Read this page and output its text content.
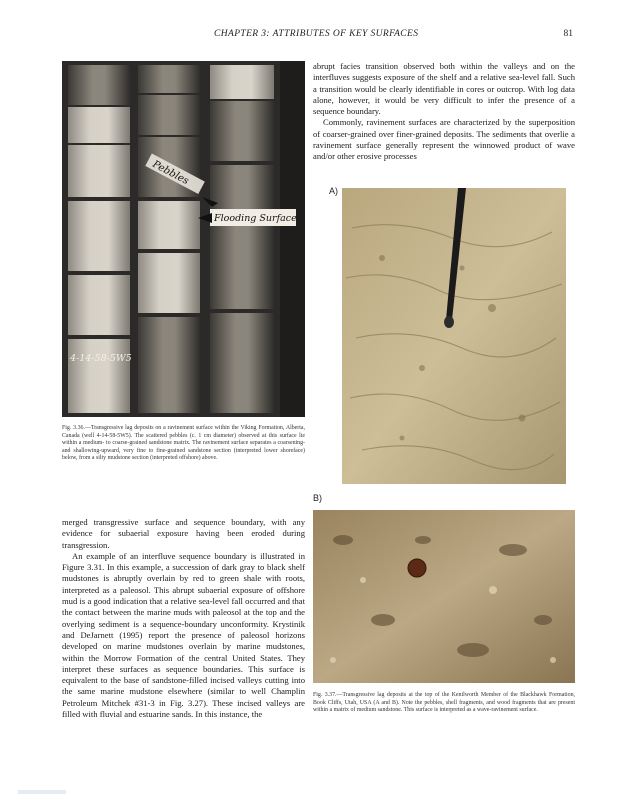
CHAPTER 3: ATTRIBUTES OF KEY SURFACES	81
Pebbles
Flooding Surface
4-14-58-5W5

Fig. 3.36.—Transgressive lag deposits on a ravinement surface within the Viking Formation, Alberta, Canada (well 4-14-58-5W5). The scattered pebbles (c. 1 cm diameter) observed at this surface lie within a medium- to coarse-grained sandstone matrix. The ravinement surface separates a coarsening- and shallowing-upward, very fine to fine-grained sandstone section (interpreted lower shoreface) below, from a silty mudstone section (interpreted offshore) above.

abrupt facies transition observed both within the valleys and on the interfluves suggests exposure of the shelf and a relative sea-level fall. Such a transition would be clearly identifiable in cores or outcrop. With log data alone, however, it would be very difficult to infer the presence of a sequence boundary.
Commonly, ravinement surfaces are characterized by the superposition of coarser-grained over finer-grained deposits. The sediments that overlie a ravinement surface generally represent the winnowed product of wave and/or other erosive processes
A)
B)

Fig. 3.37.—Transgressive lag deposits at the top of the Kenilworth Member of the Blackhawk Formation, Book Cliffs, Utah, USA (A and B). Note the pebbles, shell fragments, and wood fragments that are present within a matrix of medium sandstone. This surface is interpreted as a wave-ravinement surface.

merged transgressive surface and sequence boundary, with any evidence for subaerial exposure having been eroded during transgression.
An example of an interfluve sequence boundary is illustrated in Figure 3.31. In this example, a succession of dark gray to black shelf mudstones is abruptly overlain by red to green shale with roots, interpreted as a paleosol. This abrupt subaerial exposure of offshore mud is a good indication that a relative sea-level fall occurred and that the contact between the marine muds with paleosol at the top and the overlying sediment is a sequence-boundary unconformity. Krystinik and DeJarnett (1995) report the presence of paleosol horizons developed on marine mudstones overlain by marine mudstones, within the Morrow Formation of the central United States. They interpret these surfaces as sequence boundaries. This surface is equivalent to the base of sandstone-filled incised valleys cutting into the same marine mudstone elsewhere (similar to well Champlin Petroleum Mitchek #31-3 in Fig. 3.27). These incised valleys are filled with fluvial and estuarine sands. In this instance, the
